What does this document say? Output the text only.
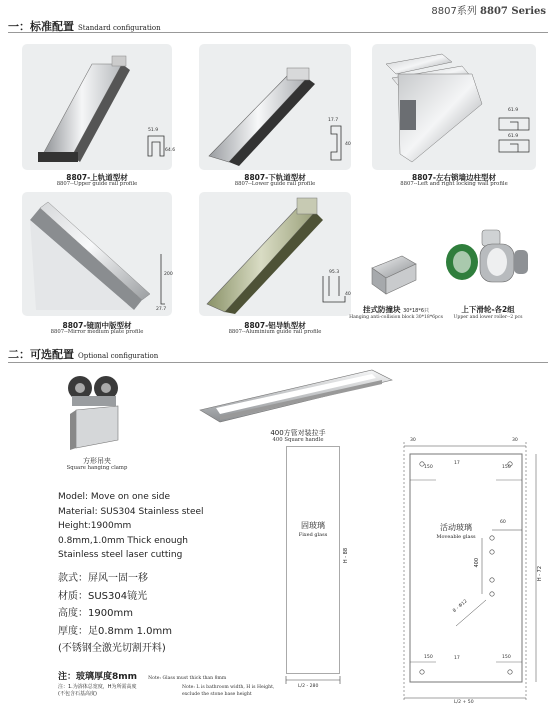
8807系列 8807 Series
一：标准配置 Standard configuration
51.9
64.6
8807-上轨道型材
8807--Upper guide rail profile
17.7
40
8807-下轨道型材
8807--Lower guide rail profile
61.9
61.9
8807-左右锁墙边柱型材
8807--Left and right locking wall profile
200
27.7
8807-镜面中版型材
8807--Mirror medium plate profile
95.3
40
8807-铝导轨型材
8807--Aluminium guide rail profile
挂式防撞块 30*18*6只
Hanging anti-collision block 30*18*6pcs
上下滑轮-各2组
Upper and lower roller--2 pcs
二：可选配置 Optional configuration
方形吊夹
Square hanging clamp
400方管对装拉手
400 Square handle
Model: Move on one side
Material: SUS304 Stainless steel
Height:1900mm
0.8mm,1.0mm Thick enough
Stainless steel laser cutting
款式：屏风一固一移
材质：SUS304镜光
高度：1900mm
厚度：足0.8mm 1.0mm
(不锈钢全激光切割开料)
注：玻璃厚度8mm Note: Glass must thick than 8mm
注：1.为浴体总宽度，H为所需高度
(不包含石基高度)
Note: L is bathroom width, H is Height,
exclude the stone base height
固玻璃
Fixed glass
H - 88
L/2 - 280
活动玻璃
Moveable glass
30	30
150	150
150	150
17
17
60
400
8 - Φ12
H - 72
L/2 + 50
